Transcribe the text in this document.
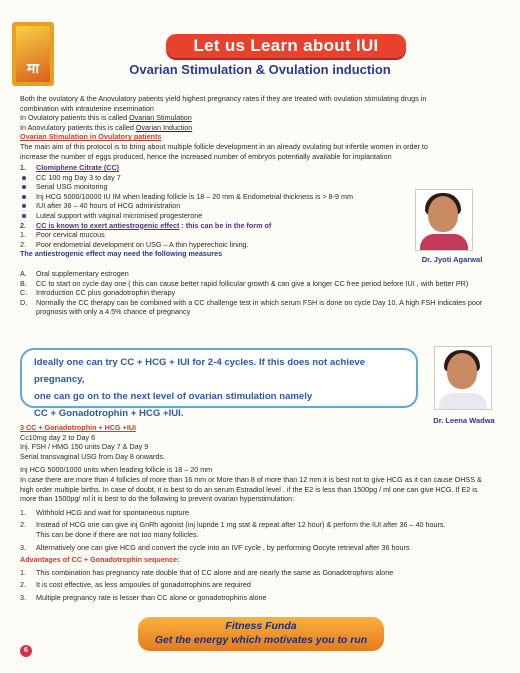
मा
Let us Learn about IUI
Ovarian Stimulation & Ovulation induction

Both the ovulatory & the Anovulatory patients yield highest pregnancy rates if they are treated with ovulation stimulating drugs in

combination with intrauterine insemination

In Ovulatory patients this is called Ovarian Stimulation

In Anovulatory patients this is called Ovarian Induction

Ovarian Stimulation in Ovulatory patients

The main aim of this protocol is to bring about multiple follicle development in an already ovulating but infertile women in order to

increase the number of eggs produced, hence the increased number of embryos potentially available for implantation

1. Clomiphene Citrate (CC)
CC 100 mg Day 3 to day 7
Serial USG monitoring
Inj HCG 5000/10000 IU IM when leading follicle is 18 – 20 mm & Endometrial thickness is > 8-9 mm
IUI after 36 – 40 hours of HCG administration
Luteal support with vaginal micronised progesterone
2. CC is known to exert antiestrogenic effect : this can be in the form of
1. Poor cervical mucous
2. Poor endometrial development on USG – A thin hyperechoic lining.

The antiestrogenic effect may need the following measures

A. Oral supplementary estrogen
B. CC to start on cycle day one ( this can cause better rapid follicular growth & can give a longer CC free period before IUI , with better PR)
C. Introduction CC plus gonadotrophin therapy
D. Normally the CC therapy can be combined with a CC challenge test in which serum FSH is done on cycle Day 10. A high FSH indicates poor
prognosis with only a 4.5% chance of pregnancy
Dr. Jyoti Agarwal
Dr. Leena Wadwa

Ideally one can try CC + HCG + IUI for 2-4 cycles. If this does not achieve pregnancy,

one can go on to the next level of ovarian stimulation namely

CC + Gonadotrophin + HCG +IUI.

3 CC + Gonadotrophin + HCG +IUI

Cc10mg day 2 to Day 6

Inj. FSH / HMG 150 units Day 7 & Day 9

Serial transvaginal USG from Day 8 onwards.

Inj HCG 5000/1000 units when leading follicle is 18 – 20 mm

In case there are more than 4 follicles of more than 16 mm or More than 8 of more than 12 mm it is best not to give HCG as it can cause OHSS &

high order multiple births. In case of doubt, it is best to do an serum Estradiol level . if the E2 is less than 1500pg / ml one can give HCG. If E2 is

more than 1500pg/ ml it is best to do the following to prevent ovarian hyperstimulation:

1. Withhold HCG and wait for spontaneous rupture
2. Instead of HCG one can give inj GnRh agonist (inj lupride 1 mg stat & repeat after 12 hour) & perform the IUI after 36 – 40 hours.
This can be done if there are not too many follicles.
3. Alternatively one can give HCG and convert the cycle into an IVF cycle , by performing Oocyte retrieval after 36 hours

Advantages of CC + Gonadotrophin sequence:

1. This combination has pregnancy rate double that of CC alone and are nearly the same as Gonadotrophins alone
2. It is cost effective, as less ampoules of gonadotrophins are required
3. Multiple pregnancy rate is lesser than CC alone or gonadotrophins alone
Fitness Funda
Get the energy which motivates you to run
6
